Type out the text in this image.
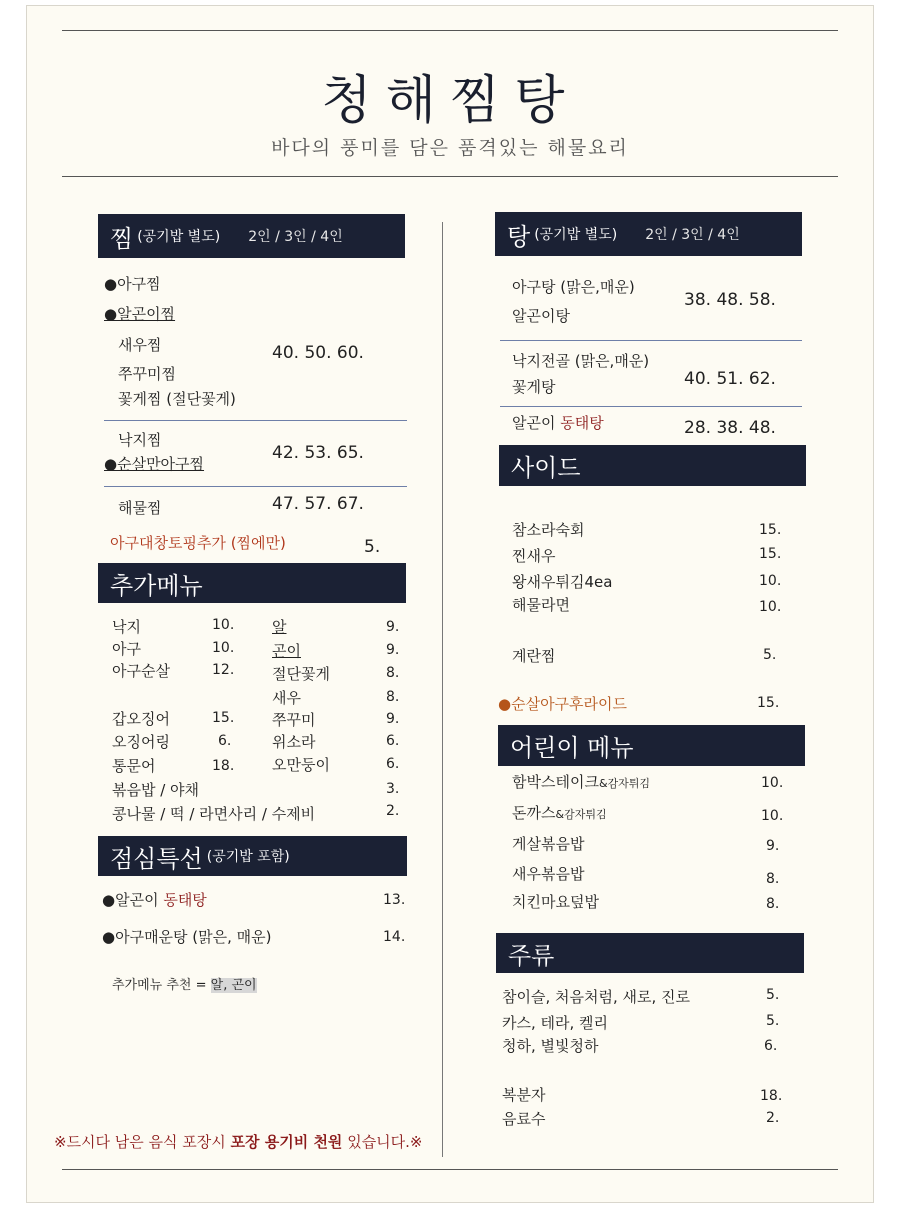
청해찜탕
바다의 풍미를 담은 품격있는 해물요리
찜 (공기밥 별도) 2인 / 3인 / 4인
●아구찜
●알곤이찜
새우찜
쭈꾸미찜
꽃게찜 (절단꽃게)
40. 50. 60.
낙지찜
●순살만아구찜
42. 53. 65.
해물찜	47. 57. 67.
아구대창토핑추가 (찜에만)	5.
추가메뉴
낙지	10.
아구	10.
아구순살	12.
갑오징어	15.
오징어링	6.
통문어	18.
알	9.
곤이	9.
절단꽃게	8.
새우	8.
쭈꾸미	9.
위소라	6.
오만둥이	6.
볶음밥 / 야채	3.
콩나물 / 떡 / 라면사리 / 수제비	2.
점심특선 (공기밥 포함)
●알곤이 동태탕	13.
●아구매운탕 (맑은, 매운)	14.
추가메뉴 추천 = 알, 곤이
탕 (공기밥 별도) 2인 / 3인 / 4인
아구탕 (맑은,매운)
알곤이탕
38. 48. 58.
낙지전골 (맑은,매운)
꽃게탕	40. 51. 62.
알곤이 동태탕	28. 38. 48.
사이드
참소라숙회	15.
찐새우	15.
왕새우튀김4ea	10.
해물라면	10.
계란찜	5.
●순살아구후라이드	15.
어린이 메뉴
함박스테이크&감자튀김	10.
돈까스&감자튀김	10.
게살볶음밥	9.
새우볶음밥	8.
치킨마요덮밥	8.
주류
참이슬, 처음처럼, 새로, 진로	5.
카스, 테라, 켈리	5.
청하, 별빛청하	6.
복분자	18.
음료수	2.
※드시다 남은 음식 포장시 포장 용기비 천원 있습니다.※
